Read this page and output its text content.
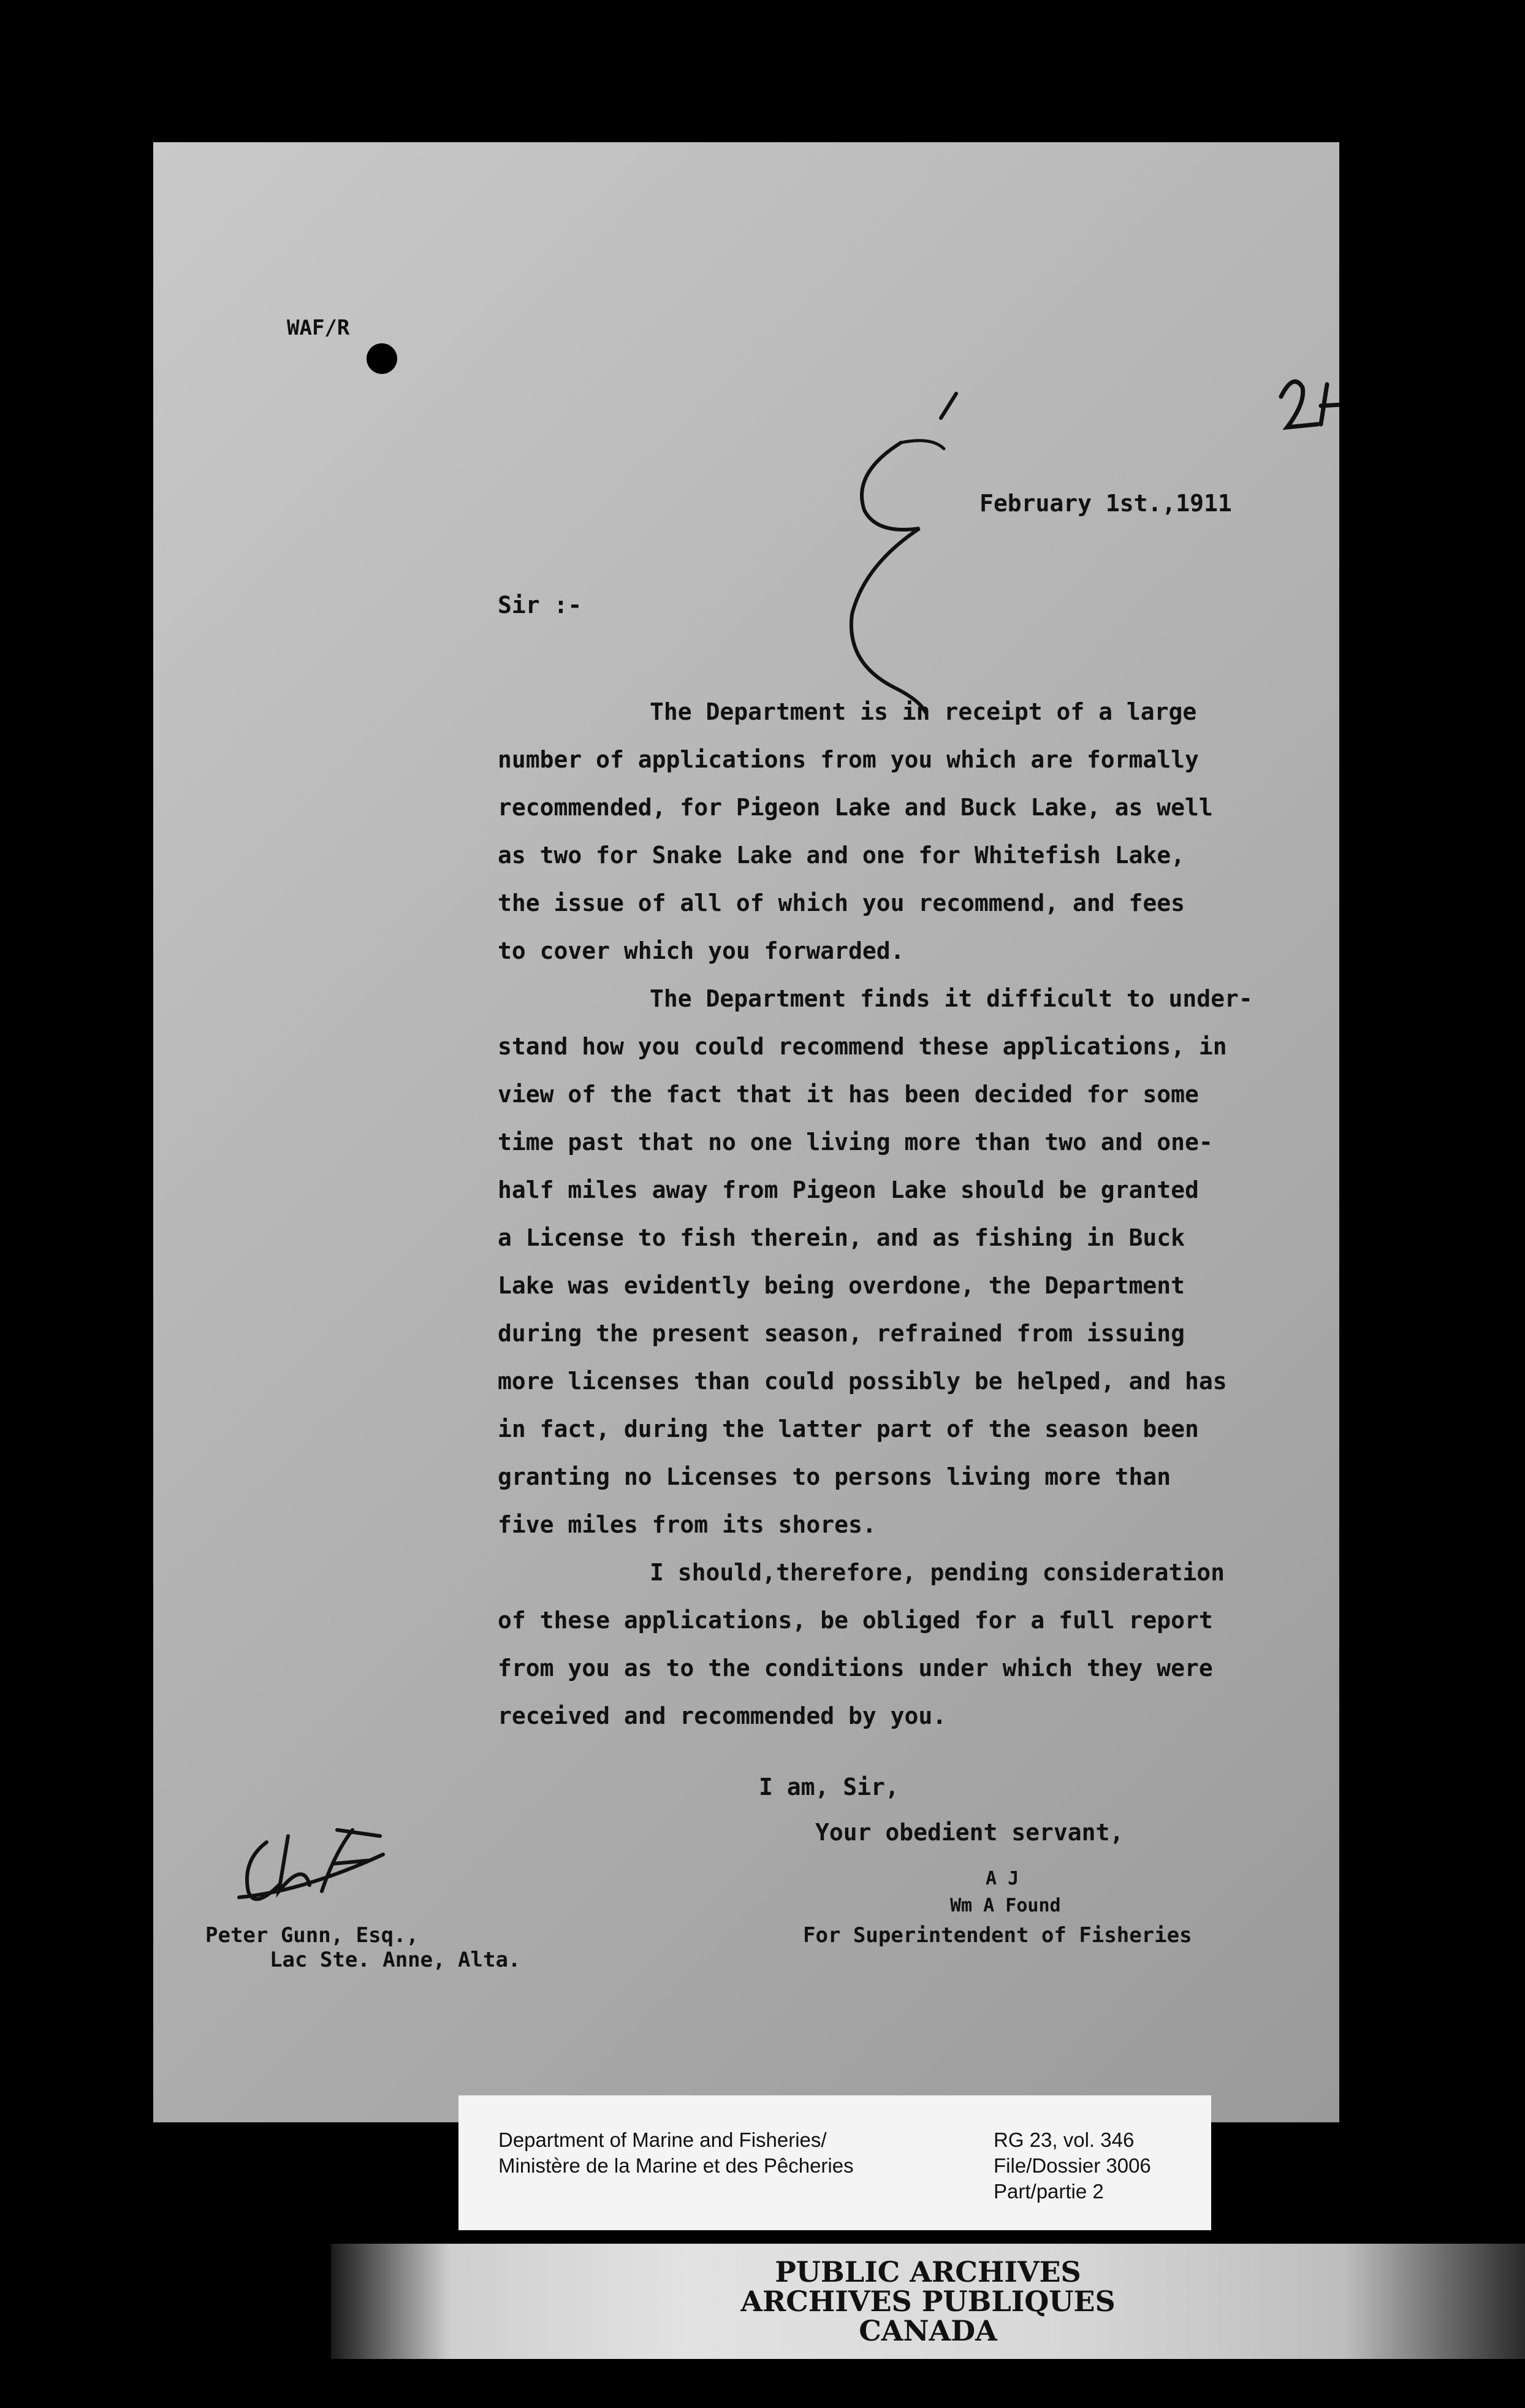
WAF/R
February 1st.,1911
Sir :-
The Department is in receipt of a large
number of applications from you which are formally
recommended, for Pigeon Lake and Buck Lake, as well
as two for Snake Lake and one for Whitefish Lake,
the issue of all of which you recommend, and fees
to cover which you forwarded.
The Department finds it difficult to under-
stand how you could recommend these applications, in
view of the fact that it has been decided for some
time past that no one living more than two and one-
half miles away from Pigeon Lake should be granted
a License to fish therein, and as fishing in Buck
Lake was evidently being overdone, the Department
during the present season, refrained from issuing
more licenses than could possibly be helped, and has
in fact, during the latter part of the season been
granting no Licenses to persons living more than
five miles from its shores.
I should,therefore, pending consideration
of these applications, be obliged for a full report
from you as to the conditions under which they were
received and recommended by you.
I am, Sir,
Your obedient servant,
A J
Wm A Found
For Superintendent of Fisheries
Peter Gunn, Esq.,
Lac Ste. Anne, Alta.
Department of Marine and Fisheries/
Ministère de la Marine et des Pêcheries
RG 23, vol. 346
File/Dossier 3006
Part/partie 2
PUBLIC ARCHIVES
ARCHIVES PUBLIQUES
CANADA
